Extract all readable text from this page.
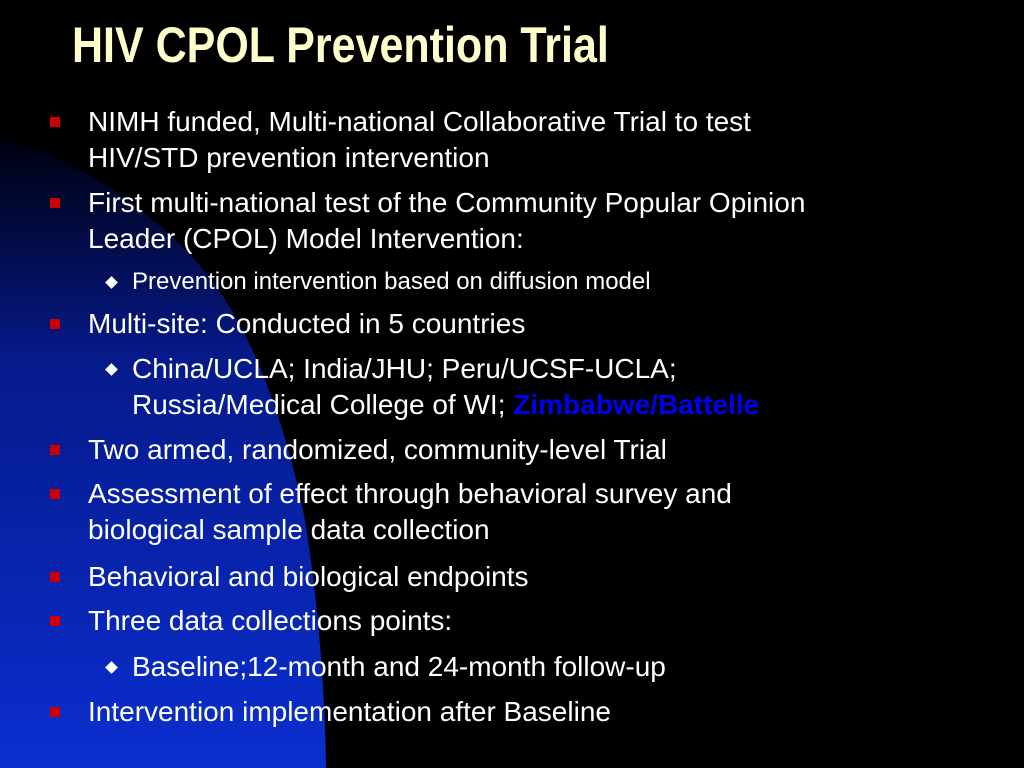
HIV CPOL Prevention Trial
NIMH funded, Multi-national Collaborative Trial to test
HIV/STD prevention intervention
First multi-national test of the Community Popular Opinion
Leader (CPOL) Model Intervention:
Prevention intervention based on diffusion model
Multi-site: Conducted in 5 countries
China/UCLA; India/JHU; Peru/UCSF-UCLA;
Russia/Medical College of WI; Zimbabwe/Battelle
Two armed, randomized, community-level Trial
Assessment of effect through behavioral survey and
biological sample data collection
Behavioral and biological endpoints
Three data collections points:
Baseline;12-month and 24-month follow-up
Intervention implementation after Baseline
